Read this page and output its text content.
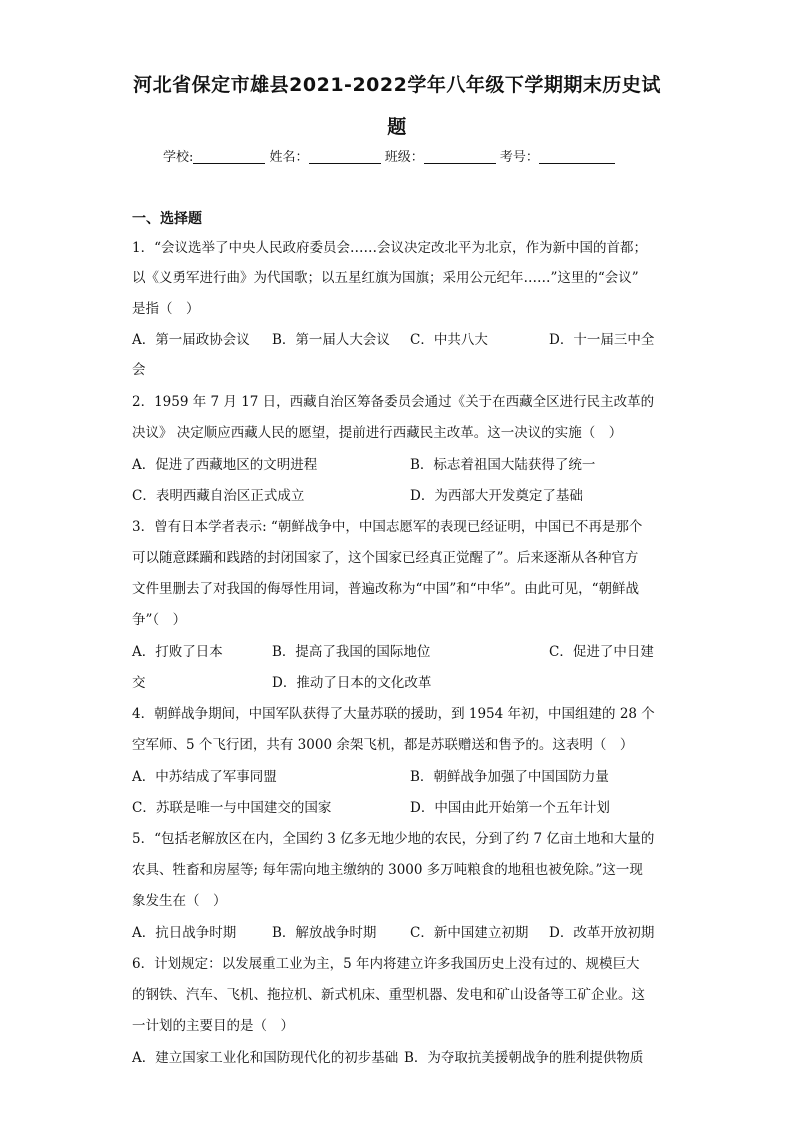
河北省保定市雄县2021-2022学年八年级下学期期末历史试
题
学校:	姓名：	班级：	考号：
一、选择题
1．“会议选举了中央人民政府委员会……会议决定改北平为北京，作为新中国的首都；
以《义勇军进行曲》为代国歌；以五星红旗为国旗；采用公元纪年……”这里的“会议”
是指（　）
A．第一届政协会议 B．第一届人大会议 C．中共八大	D．十一届三中全
会
2．1959 年 7 月 17 日，西藏自治区筹备委员会通过《关于在西藏全区进行民主改革的
决议》 决定顺应西藏人民的愿望，提前进行西藏民主改革。这一决议的实施（　）
A．促进了西藏地区的文明进程	B．标志着祖国大陆获得了统一
C．表明西藏自治区正式成立	D．为西部大开发奠定了基础
3．曾有日本学者表示: “朝鲜战争中，中国志愿军的表现已经证明，中国已不再是那个
可以随意蹂躏和践踏的封闭国家了，这个国家已经真正觉醒了”。后来逐渐从各种官方
文件里删去了对我国的侮辱性用词，普遍改称为“中国”和“中华”。由此可见，“朝鲜战
争”（　）
A．打败了日本	B．提高了我国的国际地位	C．促进了中日建
交	D．推动了日本的文化改革
4．朝鲜战争期间，中国军队获得了大量苏联的援助，到 1954 年初，中国组建的 28 个
空军师、5 个飞行团，共有 3000 余架飞机，都是苏联赠送和售予的。这表明（　）
A．中苏结成了军事同盟	B．朝鲜战争加强了中国国防力量
C．苏联是唯一与中国建交的国家	D．中国由此开始第一个五年计划
5．“包括老解放区在内，全国约 3 亿多无地少地的农民，分到了约 7 亿亩土地和大量的
农具、牲畜和房屋等; 每年需向地主缴纳的 3000 多万吨粮食的地租也被免除。”这一现
象发生在（　）
A．抗日战争时期	B．解放战争时期 C．新中国建立初期 D．改革开放初期
6．计划规定：以发展重工业为主，5 年内将建立许多我国历史上没有过的、规模巨大
的钢铁、汽车、飞机、拖拉机、新式机床、重型机器、发电和矿山设备等工矿企业。这
一计划的主要目的是（　）
A．建立国家工业化和国防现代化的初步基础 B．为夺取抗美援朝战争的胜利提供物质
